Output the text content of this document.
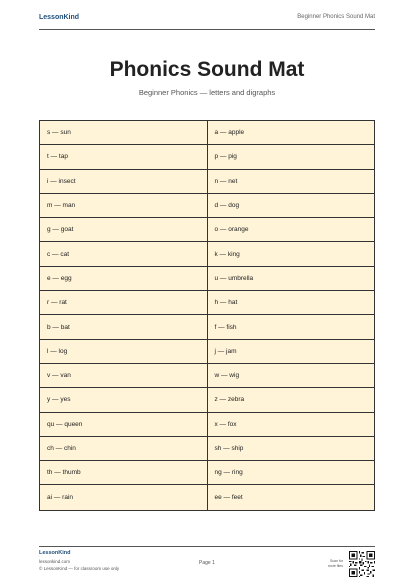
LessonKind	Beginner Phonics Sound Mat
Phonics Sound Mat
Beginner Phonics — letters and digraphs
s — sun	a — apple
t — tap	p — pig
i — insect	n — net
m — man	d — dog
g — goat	o — orange
c — cat	k — king
e — egg	u — umbrella
r — rat	h — hat
b — bat	f — fish
l — log	j — jam
v — van	w — wig
y — yes	z — zebra
qu — queen	x — fox
ch — chin	sh — ship
th — thumb	ng — ring
ai — rain	ee — feet
LessonKind
lessonkind.com
© LessonKind — for classroom use only
Page 1	Scan for
more files
